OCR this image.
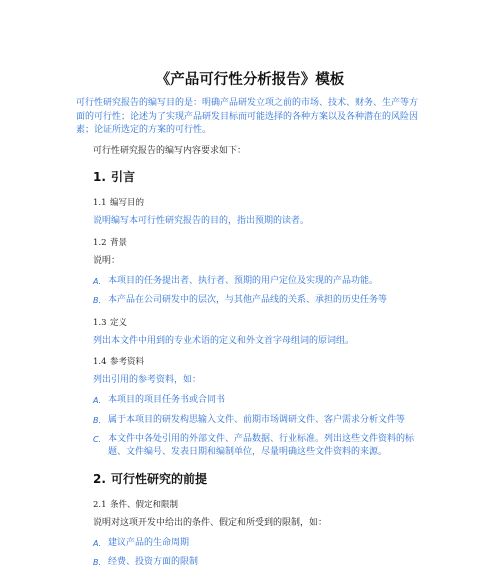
《产品可行性分析报告》模板
可行性研究报告的编写目的是：明确产品研发立项之前的市场、技术、财务、生产等方面的可行性；论述为了实现产品研发目标而可能选择的各种方案以及各种潜在的风险因素；论证所选定的方案的可行性。
可行性研究报告的编写内容要求如下：
1. 引言
1.1 编写目的
说明编写本可行性研究报告的目的，指出预期的读者。
1.2 背景
说明：
A. 本项目的任务提出者、执行者、预期的用户定位及实现的产品功能。
B. 本产品在公司研发中的层次，与其他产品线的关系、承担的历史任务等
1.3 定义
列出本文件中用到的专业术语的定义和外文首字母组词的原词组。
1.4 参考资料
列出引用的参考资料，如：
A. 本项目的项目任务书或合同书
B. 属于本项目的研发构思输入文件、前期市场调研文件、客户需求分析文件等
C. 本文件中各处引用的外部文件、产品数据、行业标准。列出这些文件资料的标题、文件编号、发表日期和编制单位，尽量明确这些文件资料的来源。
2. 可行性研究的前提
2.1 条件、假定和限制
说明对这项开发中给出的条件、假定和所受到的限制，如：
A. 建议产品的生命周期
B. 经费、投资方面的限制
